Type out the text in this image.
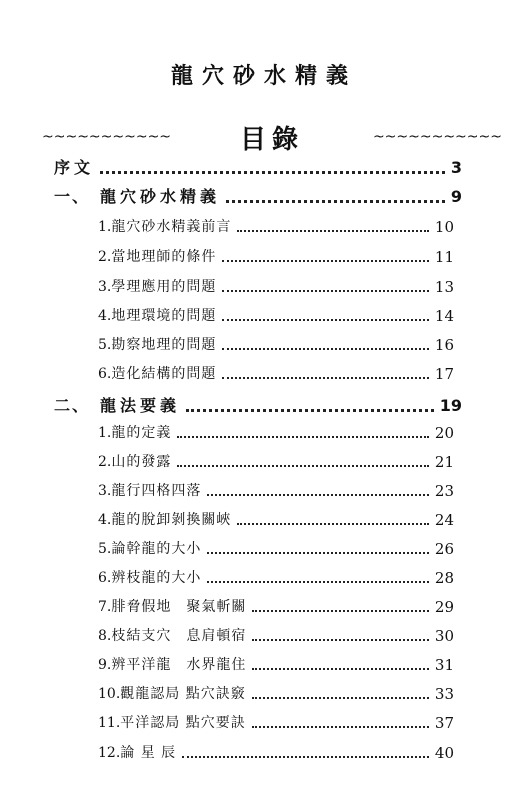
龍穴砂水精義
~~~~~~~~~~~	目錄	~~~~~~~~~~~
序文	3
一、 龍穴砂水精義	9
1. 龍穴砂水精義前言	10
2. 當地理師的條件	11
3. 學理應用的問題	13
4. 地理環境的問題	14
5. 勘察地理的問題	16
6. 造化結構的問題	17
二、 龍法要義	19
1. 龍的定義	20
2. 山的發露	21
3. 龍行四格四落	23
4. 龍的脫卸剝換關峽	24
5. 論幹龍的大小	26
6. 辨枝龍的大小	28
7. 腓脅假地　聚氣斬關	29
8. 枝結支穴　息肩頓宿	30
9. 辨平洋龍　水界龍住	31
10. 觀龍認局 點穴訣竅	33
11. 平洋認局 點穴要訣	37
12. 論 星 辰	40
